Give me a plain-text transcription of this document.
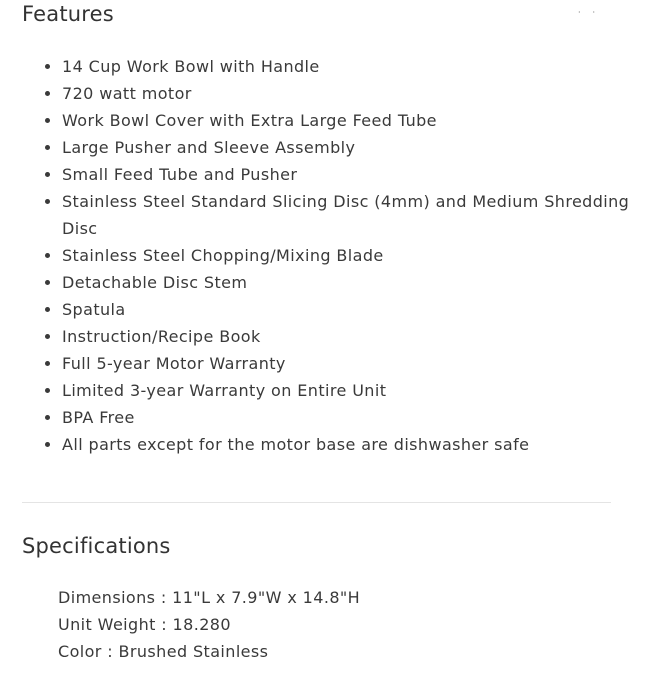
Features	··
14 Cup Work Bowl with Handle
720 watt motor
Work Bowl Cover with Extra Large Feed Tube
Large Pusher and Sleeve Assembly
Small Feed Tube and Pusher
Stainless Steel Standard Slicing Disc (4mm) and Medium Shredding Disc
Stainless Steel Chopping/Mixing Blade
Detachable Disc Stem
Spatula
Instruction/Recipe Book
Full 5-year Motor Warranty
Limited 3-year Warranty on Entire Unit
BPA Free
All parts except for the motor base are dishwasher safe
Specifications
Dimensions : 11"L x 7.9"W x 14.8"H
Unit Weight : 18.280
Color : Brushed Stainless
